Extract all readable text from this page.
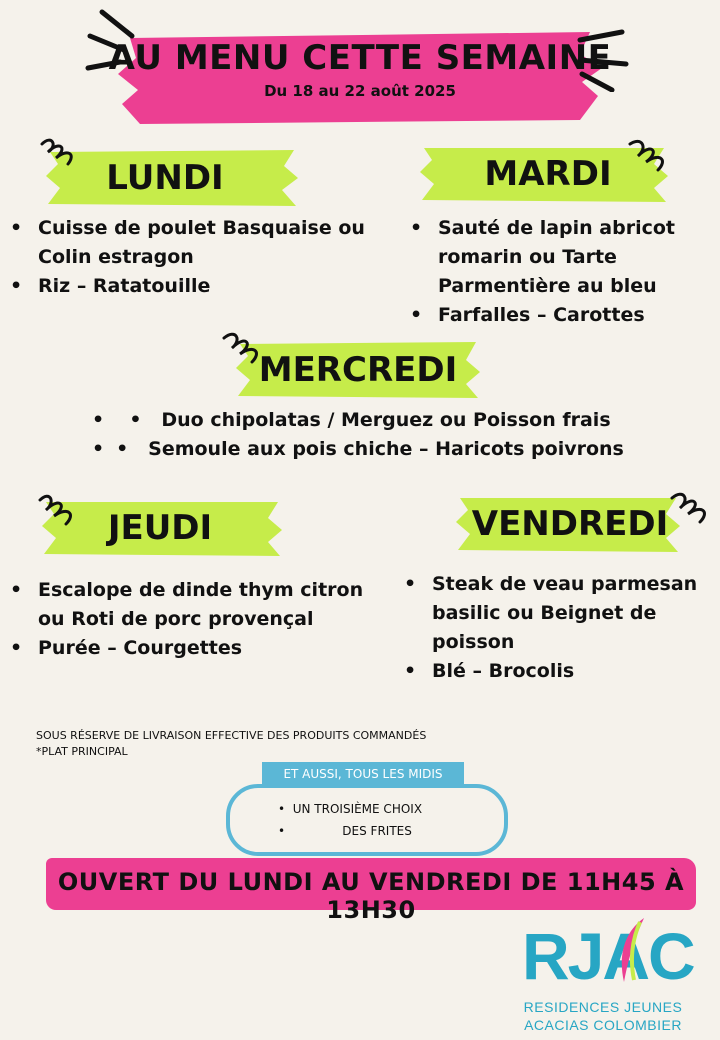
AU MENU CETTE SEMAINE
Du 18 au 22 août 2025
LUNDI
• Cuisse de poulet Basquaise ou Colin estragon
• Riz – Ratatouille
MARDI
• Sauté de lapin abricot romarin ou Tarte Parmentière au bleu
• Farfalles – Carottes
MERCREDI
• •   Duo chipolatas / Merguez ou Poisson frais
• •   Semoule aux pois chiche – Haricots poivrons
JEUDI
• Escalope de dinde thym citron ou Roti de porc provençal
• Purée – Courgettes
VENDREDI
• Steak de veau parmesan basilic ou Beignet de poisson
• Blé – Brocolis
SOUS RÉSERVE DE LIVRAISON EFFECTIVE DES PRODUITS COMMANDÉS
*PLAT PRINCIPAL
ET AUSSI, TOUS LES MIDIS
•  UN TROISIÈME CHOIX
•               DES FRITES
OUVERT DU LUNDI AU VENDREDI DE 11H45 À 13H30
RJAC
RESIDENCES JEUNES
ACACIAS COLOMBIER
